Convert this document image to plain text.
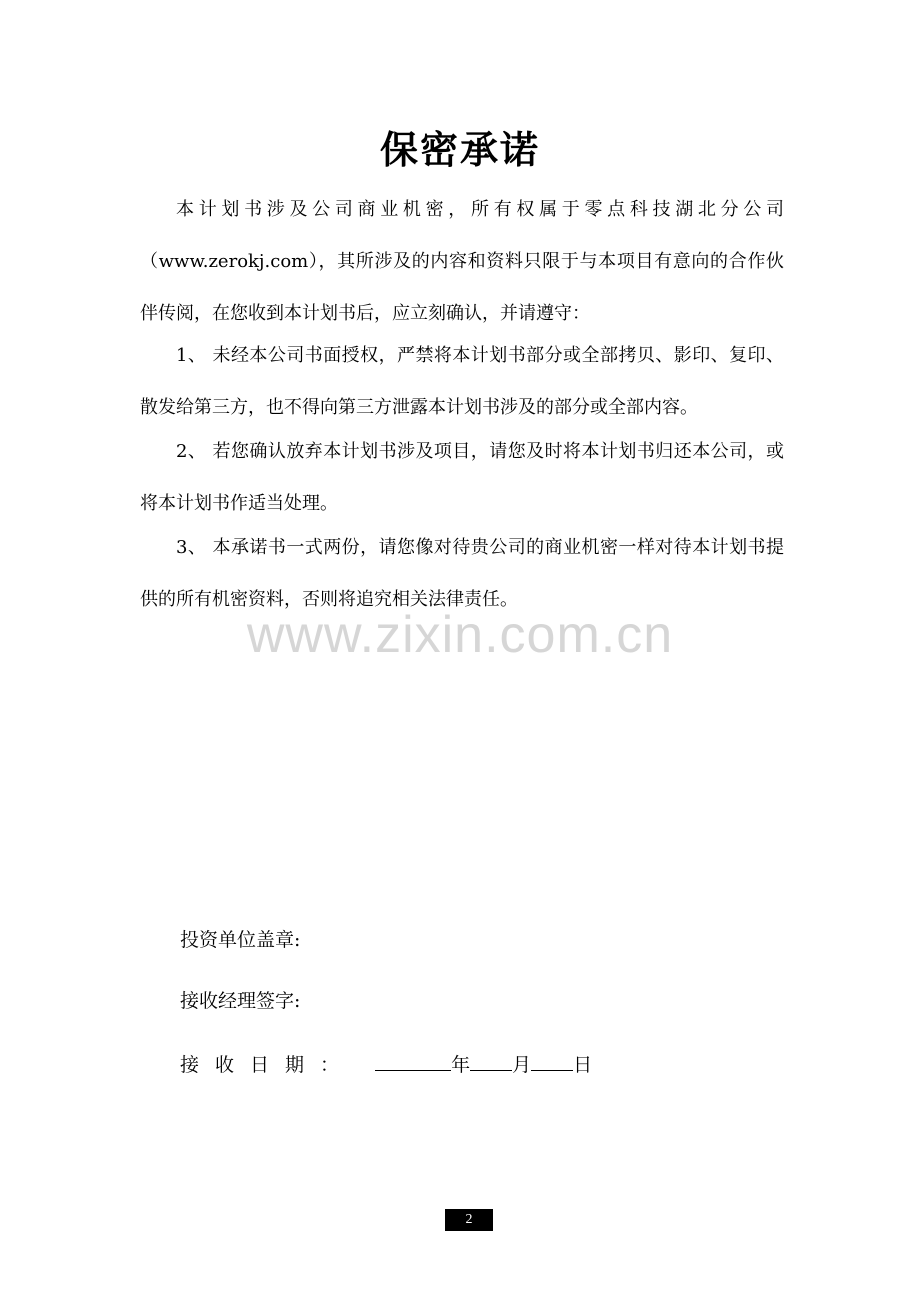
保密承诺

本计划书涉及公司商业机密，所有权属于零点科技湖北分公司（www.zerokj.com），其所涉及的内容和资料只限于与本项目有意向的合作伙伴传阅，在您收到本计划书后，应立刻确认，并请遵守：

1、 未经本公司书面授权，严禁将本计划书部分或全部拷贝、影印、复印、散发给第三方，也不得向第三方泄露本计划书涉及的部分或全部内容。

2、 若您确认放弃本计划书涉及项目，请您及时将本计划书归还本公司，或将本计划书作适当处理。

3、 本承诺书一式两份，请您像对待贵公司的商业机密一样对待本计划书提供的所有机密资料，否则将追究相关法律责任。

www.zixin.com.cn
投资单位盖章:
接收经理签字:
接收日期：	年 月 日
2
